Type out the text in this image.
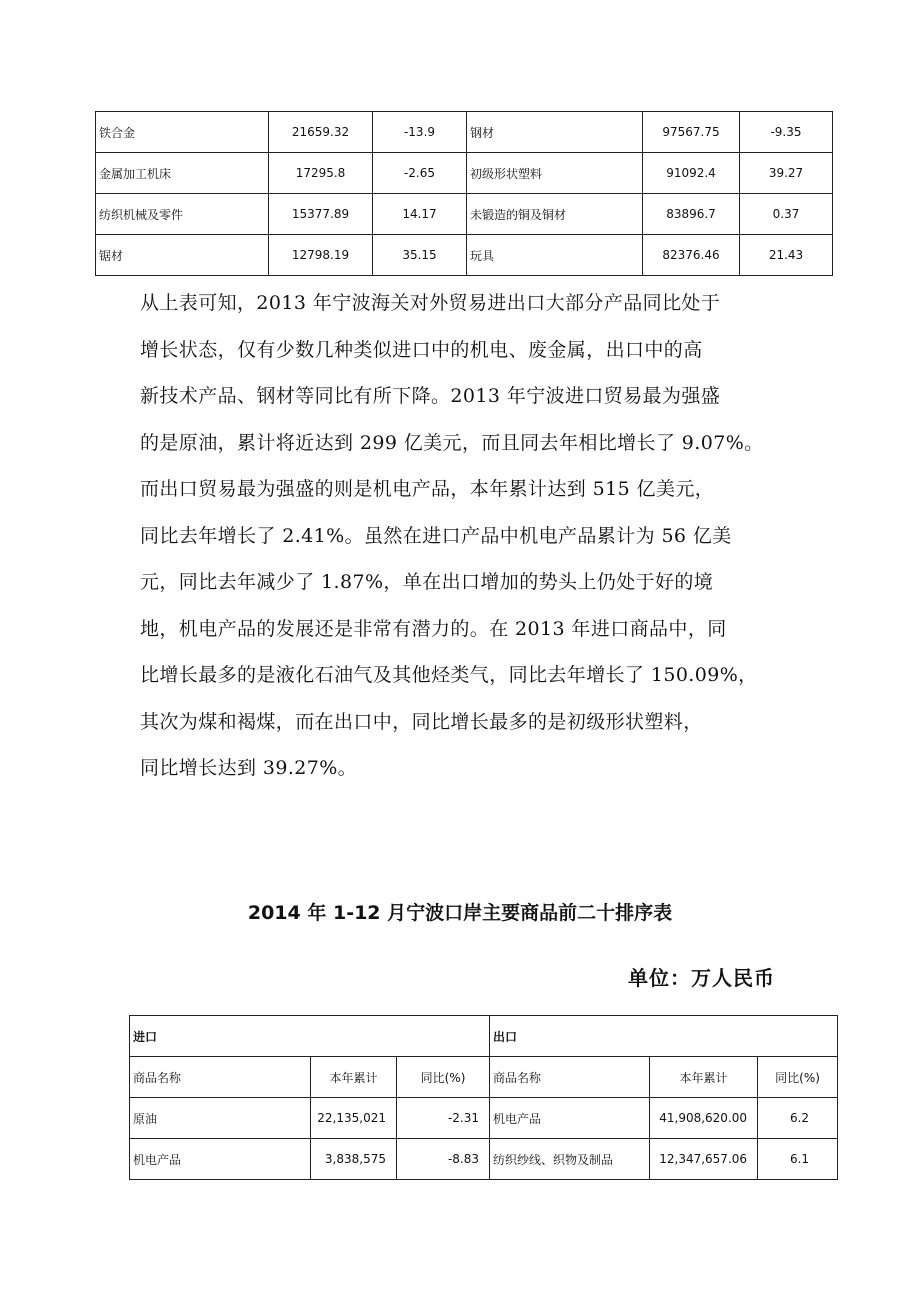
铁合金	21659.32	-13.9	钢材	97567.75	-9.35
金属加工机床	17295.8	-2.65	初级形状塑料	91092.4	39.27
纺织机械及零件	15377.89	14.17	未锻造的铜及铜材	83896.7	0.37
锯材	12798.19	35.15	玩具	82376.46	21.43
从上表可知，2013 年宁波海关对外贸易进出口大部分产品同比处于
增长状态，仅有少数几种类似进口中的机电、废金属，出口中的高
新技术产品、钢材等同比有所下降。2013 年宁波进口贸易最为强盛
的是原油，累计将近达到 299 亿美元，而且同去年相比增长了 9.07%。
而出口贸易最为强盛的则是机电产品，本年累计达到 515 亿美元，
同比去年增长了 2.41%。虽然在进口产品中机电产品累计为 56 亿美
元，同比去年减少了 1.87%，单在出口增加的势头上仍处于好的境
地，机电产品的发展还是非常有潜力的。在 2013 年进口商品中，同
比增长最多的是液化石油气及其他烃类气，同比去年增长了 150.09%，
其次为煤和褐煤，而在出口中，同比增长最多的是初级形状塑料，
同比增长达到 39.27%。
2014 年 1-12 月宁波口岸主要商品前二十排序表
单位：万人民币
进口			出口		
商品名称	本年累计	同比(%)	商品名称	本年累计	同比(%)
原油	22,135,021	-2.31	机电产品	41,908,620.00	6.2
机电产品	3,838,575	-8.83	纺织纱线、织物及制品	12,347,657.06	6.1
